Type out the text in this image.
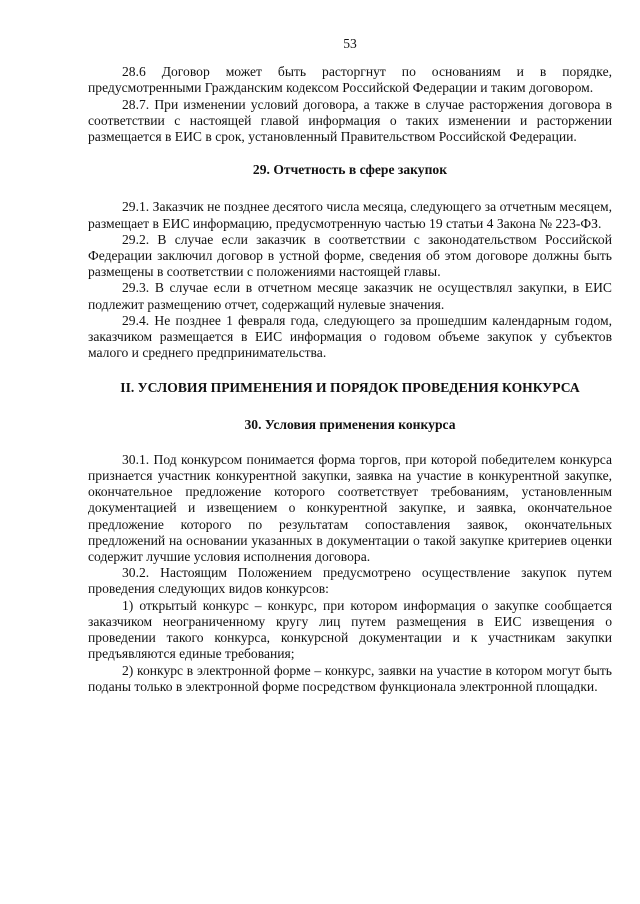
53

28.6 Договор может быть расторгнут по основаниям и в порядке, предусмотренными Гражданским кодексом Российской Федерации и таким договором.

28.7. При изменении условий договора, а также в случае расторжения договора в соответствии с настоящей главой информация о таких изменении и расторжении размещается в ЕИС в срок, установленный Правительством Российской Федерации.

29. Отчетность в сфере закупок

29.1. Заказчик не позднее десятого числа месяца, следующего за отчетным месяцем, размещает в ЕИС информацию, предусмотренную частью 19 статьи 4 Закона № 223-ФЗ.

29.2. В случае если заказчик в соответствии с законодательством Российской Федерации заключил договор в устной форме, сведения об этом договоре должны быть размещены в соответствии с положениями настоящей главы.

29.3. В случае если в отчетном месяце заказчик не осуществлял закупки, в ЕИС подлежит размещению отчет, содержащий нулевые значения.

29.4. Не позднее 1 февраля года, следующего за прошедшим календарным годом, заказчиком размещается в ЕИС информация о годовом объеме закупок у субъектов малого и среднего предпринимательства.

II. УСЛОВИЯ ПРИМЕНЕНИЯ И ПОРЯДОК ПРОВЕДЕНИЯ КОНКУРСА

30. Условия применения конкурса

30.1. Под конкурсом понимается форма торгов, при которой победителем конкурса признается участник конкурентной закупки, заявка на участие в конкурентной закупке, окончательное предложение которого соответствует требованиям, установленным документацией и извещением о конкурентной закупке, и заявка, окончательное предложение которого по результатам сопоставления заявок, окончательных предложений на основании указанных в документации о такой закупке критериев оценки содержит лучшие условия исполнения договора.

30.2. Настоящим Положением предусмотрено осуществление закупок путем проведения следующих видов конкурсов:

1) открытый конкурс – конкурс, при котором информация о закупке сообщается заказчиком неограниченному кругу лиц путем размещения в ЕИС извещения о проведении такого конкурса, конкурсной документации и к участникам закупки предъявляются единые требования;

2) конкурс в электронной форме – конкурс, заявки на участие в котором могут быть поданы только в электронной форме посредством функционала электронной площадки.
